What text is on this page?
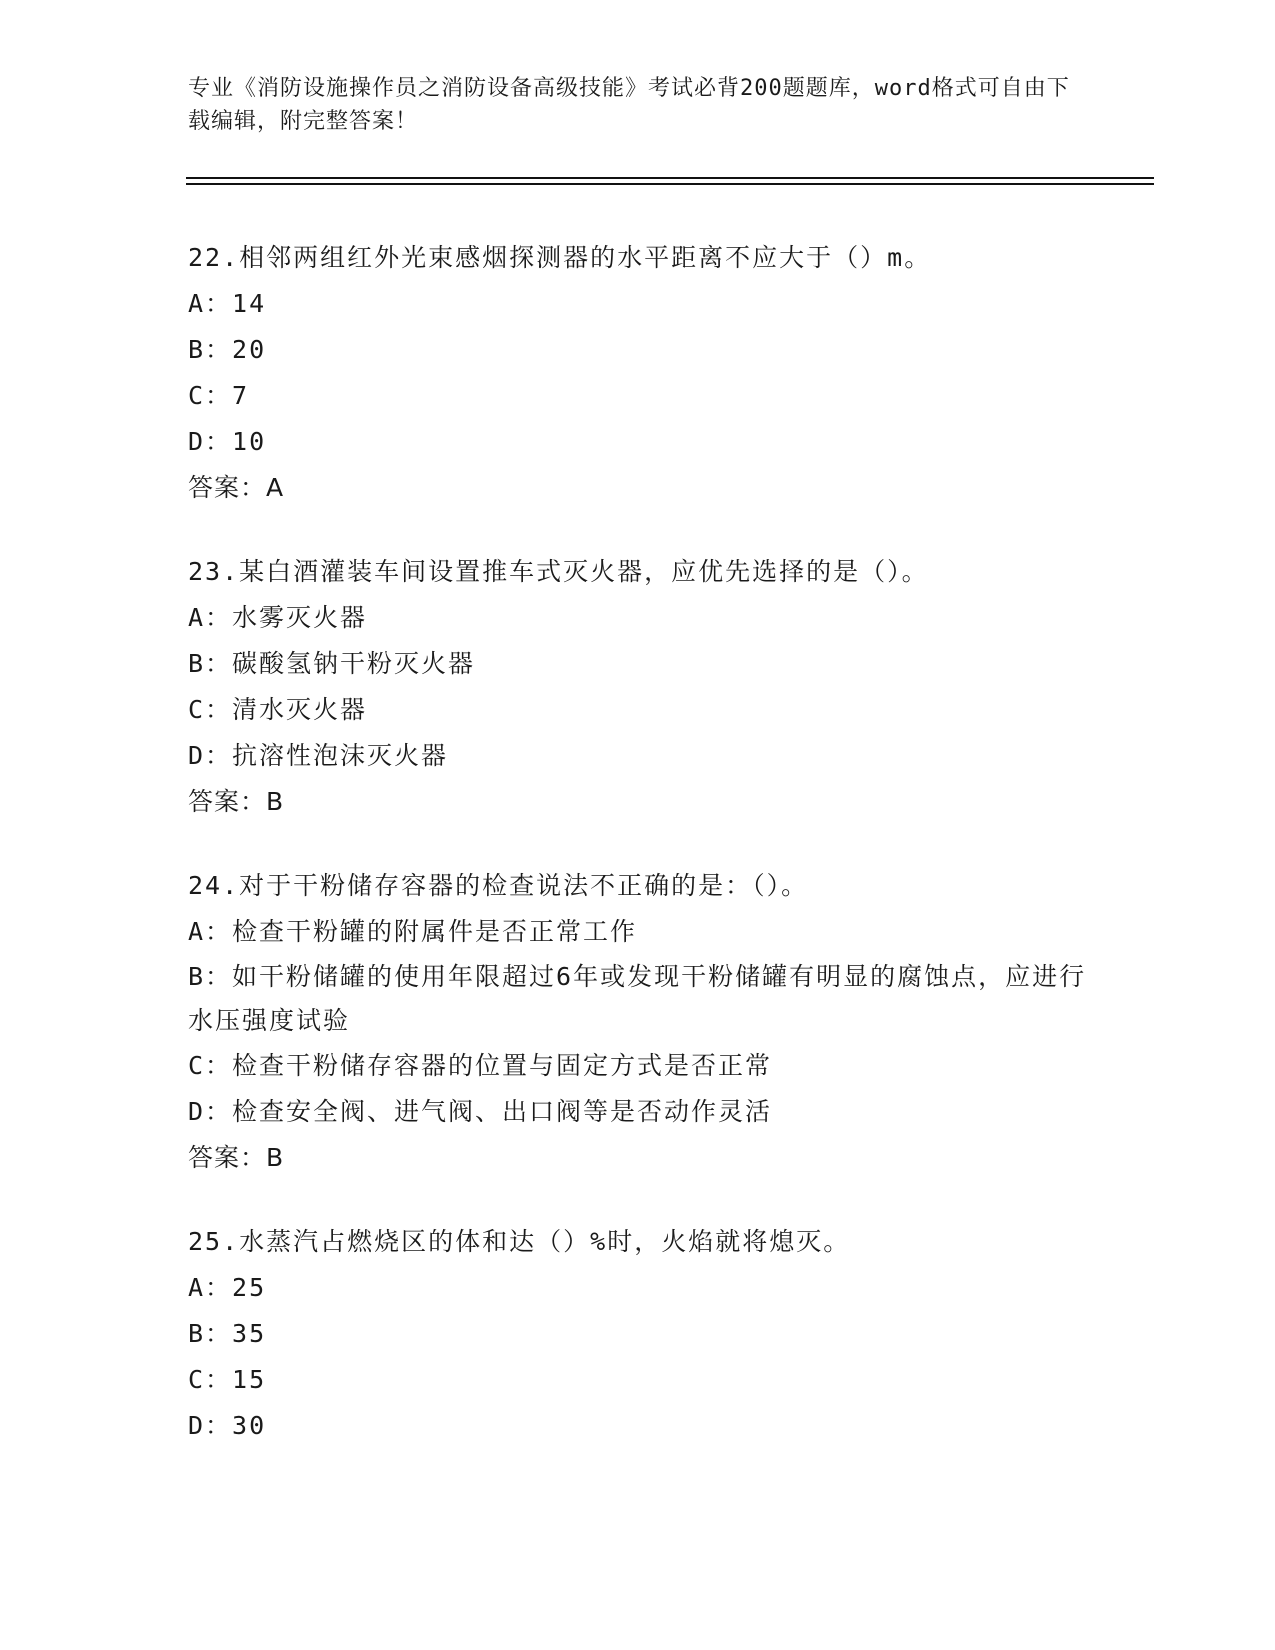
专业《消防设施操作员之消防设备高级技能》考试必背200题题库，word格式可自由下载编辑，附完整答案！
22.相邻两组红外光束感烟探测器的水平距离不应大于（）m。
A：14
B：20
C：7
D：10
答案：A
23.某白酒灌装车间设置推车式灭火器，应优先选择的是（）。
A：水雾灭火器
B：碳酸氢钠干粉灭火器
C：清水灭火器
D：抗溶性泡沫灭火器
答案：B
24.对于干粉储存容器的检查说法不正确的是：（）。
A：检查干粉罐的附属件是否正常工作
B：如干粉储罐的使用年限超过6年或发现干粉储罐有明显的腐蚀点，应进行水压强度试验
C：检查干粉储存容器的位置与固定方式是否正常
D：检查安全阀、进气阀、出口阀等是否动作灵活
答案：B
25.水蒸汽占燃烧区的体和达（）%时，火焰就将熄灭。
A：25
B：35
C：15
D：30
